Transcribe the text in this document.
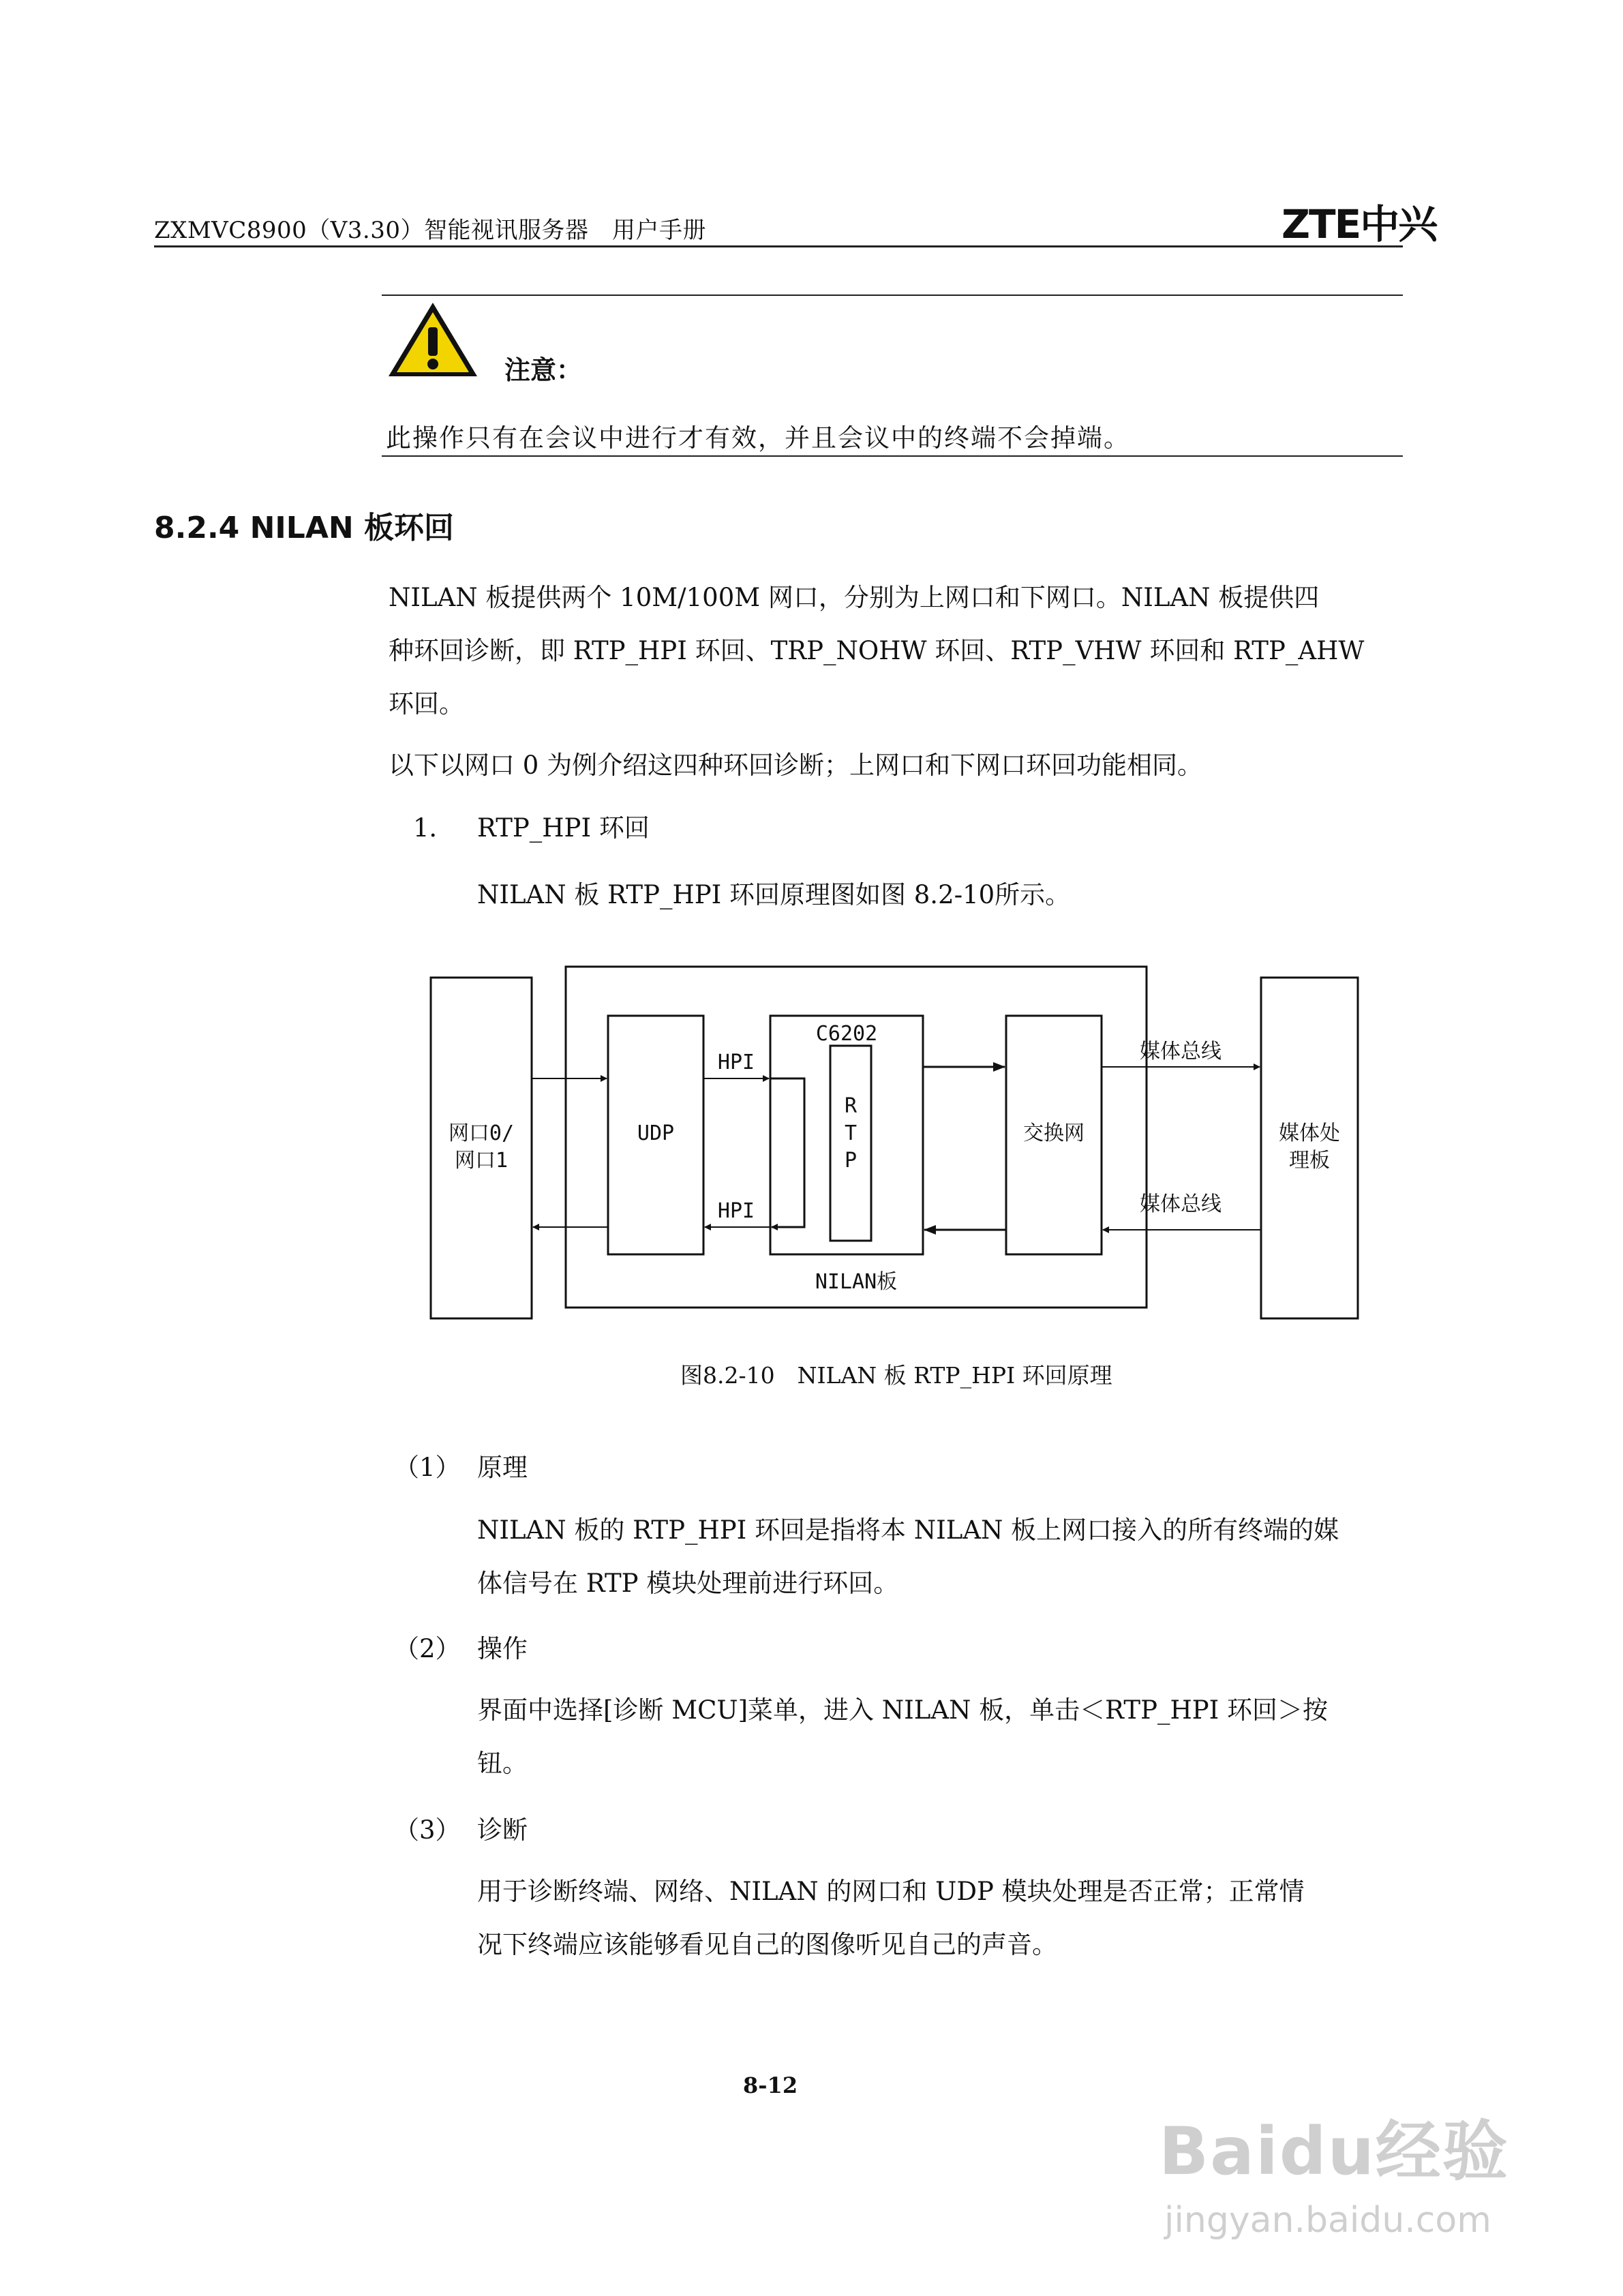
ZXMVC8900（V3.30）智能视讯服务器　用户手册	ZTE中兴
注意：
此操作只有在会议中进行才有效，并且会议中的终端不会掉端。
8.2.4 NILAN 板环回
NILAN 板提供两个 10M/100M 网口，分别为上网口和下网口。NILAN 板提供四
种环回诊断，即 RTP_HPI 环回、TRP_NOHW 环回、RTP_VHW 环回和 RTP_AHW
环回。
以下以网口 0 为例介绍这四种环回诊断；上网口和下网口环回功能相同。
1． RTP_HPI 环回
NILAN 板 RTP_HPI 环回原理图如图 8.2-10所示。
网口0/
网口1
UDP
HPI
HPI
C6202
R
T
P
交换网
媒体总线
媒体总线
媒体处
理板
NILAN板
图8.2-10　NILAN 板 RTP_HPI 环回原理
（1） 原理
NILAN 板的 RTP_HPI 环回是指将本 NILAN 板上网口接入的所有终端的媒
体信号在 RTP 模块处理前进行环回。
（2） 操作
界面中选择[诊断 MCU]菜单，进入 NILAN 板，单击＜RTP_HPI 环回＞按
钮。
（3） 诊断
用于诊断终端、网络、NILAN 的网口和 UDP 模块处理是否正常；正常情
况下终端应该能够看见自己的图像听见自己的声音。
8-12
Baidu经验
jingyan.baidu.com
